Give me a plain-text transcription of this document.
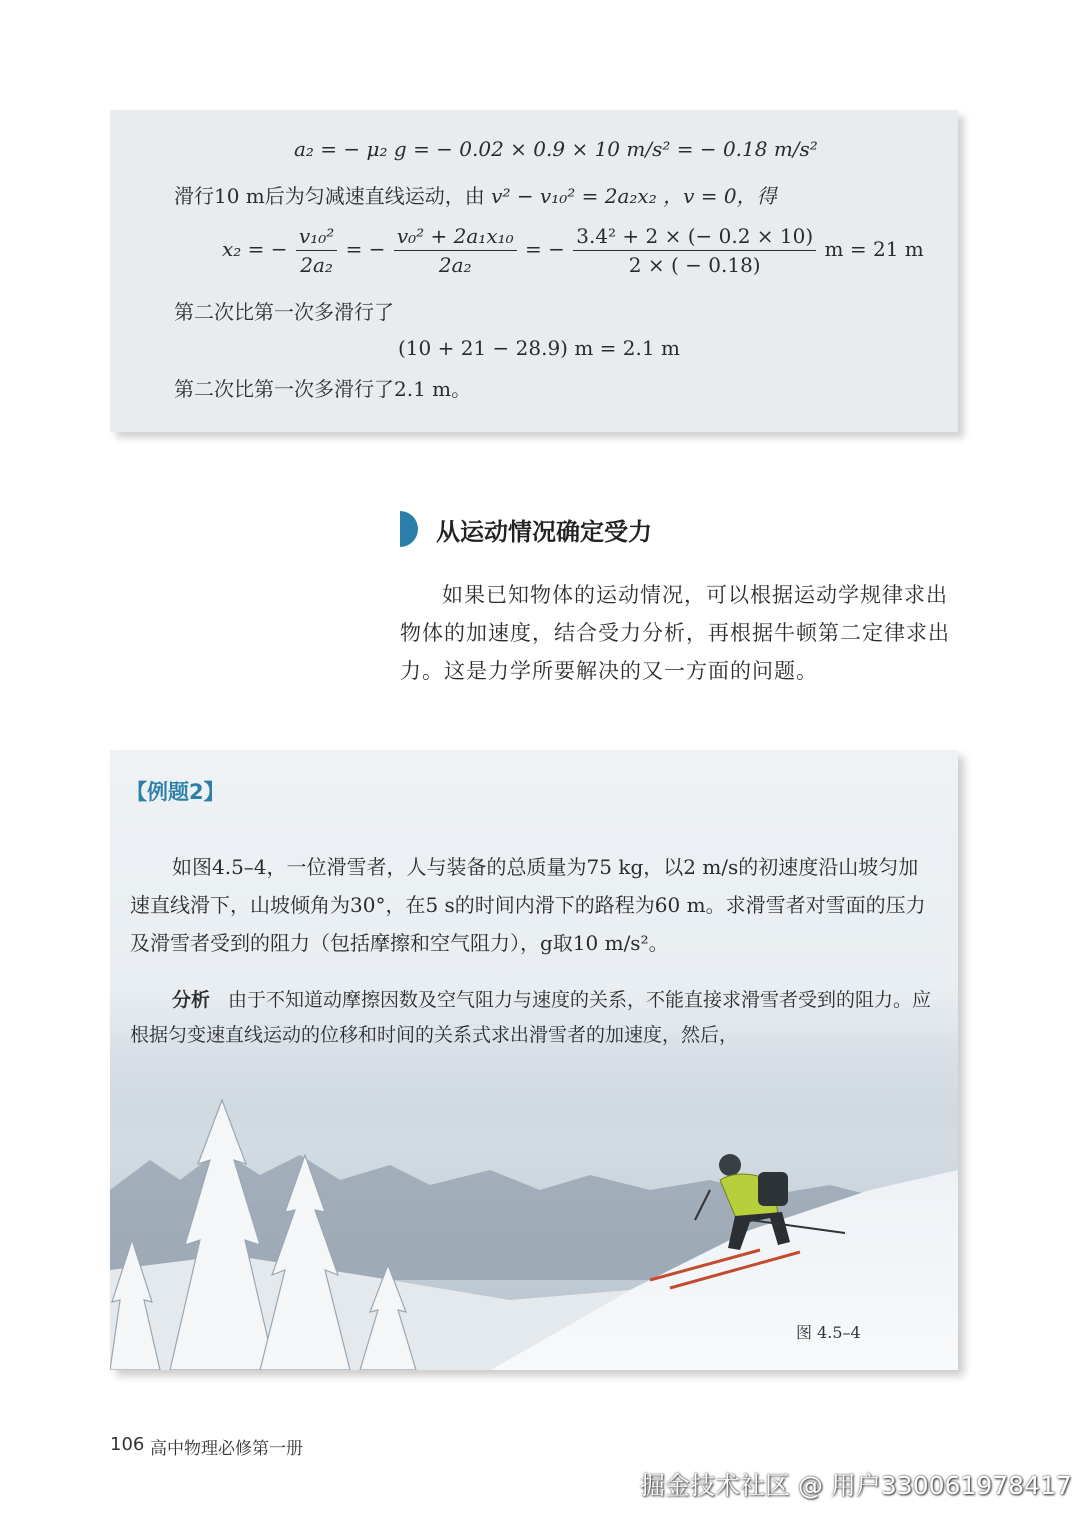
a₂ = − μ₂ g = − 0.02 × 0.9 × 10 m/s² = − 0.18 m/s²
滑行10 m后为匀减速直线运动，由 v² − v₁₀² = 2a₂x₂ ，v = 0，得
x₂ = − $\frac{\text{v₁₀²}}{\text{2a₂}}$ = − $\frac{\text{v₀² + 2a₁x₁₀}}{\text{2a₂}}$ = − $\frac{\text{3.4² + 2 × (− 0.2 × 10)}}{2 \times ( - 0.18)}$ m = 21 m
第二次比第一次多滑行了
(10 + 21 − 28.9) m = 2.1 m
第二次比第一次多滑行了2.1 m。
从运动情况确定受力
如果已知物体的运动情况，可以根据运动学规律求出物体的加速度，结合受力分析，再根据牛顿第二定律求出力。这是力学所要解决的又一方面的问题。
【例题2】
如图4.5–4，一位滑雪者，人与装备的总质量为75 kg，以2 m/s的初速度沿山坡匀加速直线滑下，山坡倾角为30°，在5 s的时间内滑下的路程为60 m。求滑雪者对雪面的压力及滑雪者受到的阻力（包括摩擦和空气阻力），g取10 m/s²。
分析 由于不知道动摩擦因数及空气阻力与速度的关系，不能直接求滑雪者受到的阻力。应根据匀变速直线运动的位移和时间的关系式求出滑雪者的加速度，然后，
图 4.5–4
106 高中物理必修第一册
掘金技术社区 @ 用户3300619784​17
